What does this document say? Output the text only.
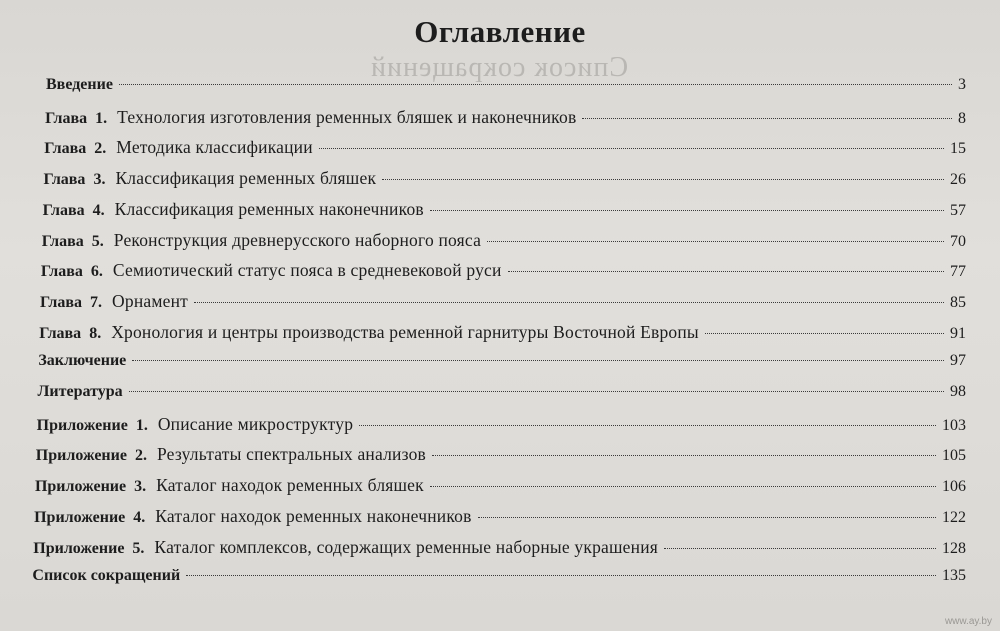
Список сокращений
Оглавление
Введение	3
Глава 1. Технология изготовления ременных бляшек и наконечников	8
Глава 2. Методика классификации	15
Глава 3. Классификация ременных бляшек	26
Глава 4. Классификация ременных наконечников	57
Глава 5. Реконструкция древнерусского наборного пояса	70
Глава 6. Семиотический статус пояса в средневековой руси	77
Глава 7. Орнамент	85
Глава 8. Хронология и центры производства ременной гарнитуры Восточной Европы	91
Заключение	97
Литература	98
Приложение 1. Описание микроструктур	103
Приложение 2. Результаты спектральных анализов	105
Приложение 3. Каталог находок ременных бляшек	106
Приложение 4. Каталог находок ременных наконечников	122
Приложение 5. Каталог комплексов, содержащих ременные наборные украшения	128
Список сокращений	135
www.ay.by
